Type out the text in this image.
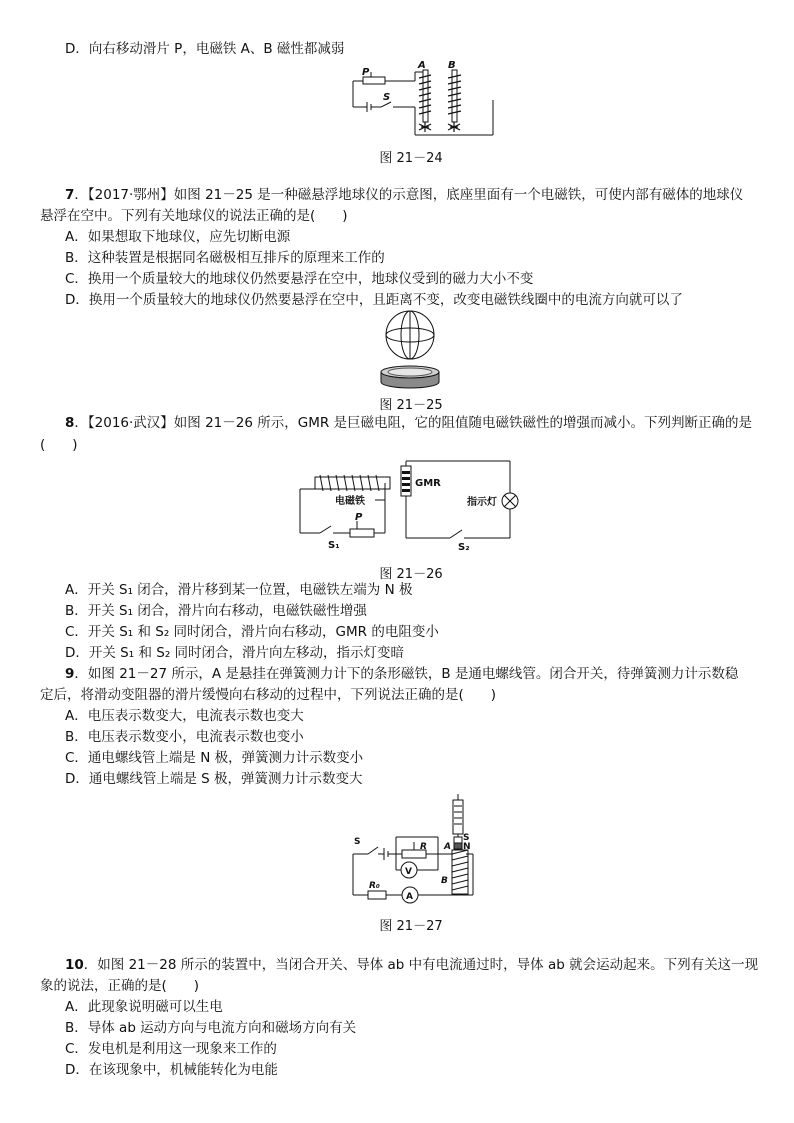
D．向右移动滑片 P，电磁铁 A、B 磁性都减弱
P
S
A B
图 21－24
7．【2017·鄂州】如图 21－25 是一种磁悬浮地球仪的示意图，底座里面有一个电磁铁，可使内部有磁体的地球仪
悬浮在空中。下列有关地球仪的说法正确的是(　　)
A．如果想取下地球仪，应先切断电源
B．这种装置是根据同名磁极相互排斥的原理来工作的
C．换用一个质量较大的地球仪仍然要悬浮在空中，地球仪受到的磁力大小不变
D．换用一个质量较大的地球仪仍然要悬浮在空中，且距离不变，改变电磁铁线圈中的电流方向就可以了
图 21－25
8．【2016·武汉】如图 21－26 所示，GMR 是巨磁电阻，它的阻值随电磁铁磁性的增强而减小。下列判断正确的是
(　　)
电磁铁
GMR
指示灯
P
S₁	S₂
图 21－26
A．开关 S₁ 闭合，滑片移到某一位置，电磁铁左端为 N 极
B．开关 S₁ 闭合，滑片向右移动，电磁铁磁性增强
C．开关 S₁ 和 S₂ 同时闭合，滑片向右移动，GMR 的电阻变小
D．开关 S₁ 和 S₂ 同时闭合，滑片向左移动，指示灯变暗
9．如图 21－27 所示，A 是悬挂在弹簧测力计下的条形磁铁，B 是通电螺线管。闭合开关，待弹簧测力计示数稳
定后，将滑动变阻器的滑片缓慢向右移动的过程中，下列说法正确的是(　　)
A．电压表示数变大，电流表示数也变大
B．电压表示数变小，电流表示数也变小
C．通电螺线管上端是 N 极，弹簧测力计示数变小
D．通电螺线管上端是 S 极，弹簧测力计示数变大
S	R
V
R₀
A
A
B
S
N
图 21－27
10．如图 21－28 所示的装置中，当闭合开关、导体 ab 中有电流通过时，导体 ab 就会运动起来。下列有关这一现
象的说法，正确的是(　　)
A．此现象说明磁可以生电
B．导体 ab 运动方向与电流方向和磁场方向有关
C．发电机是利用这一现象来工作的
D．在该现象中，机械能转化为电能
